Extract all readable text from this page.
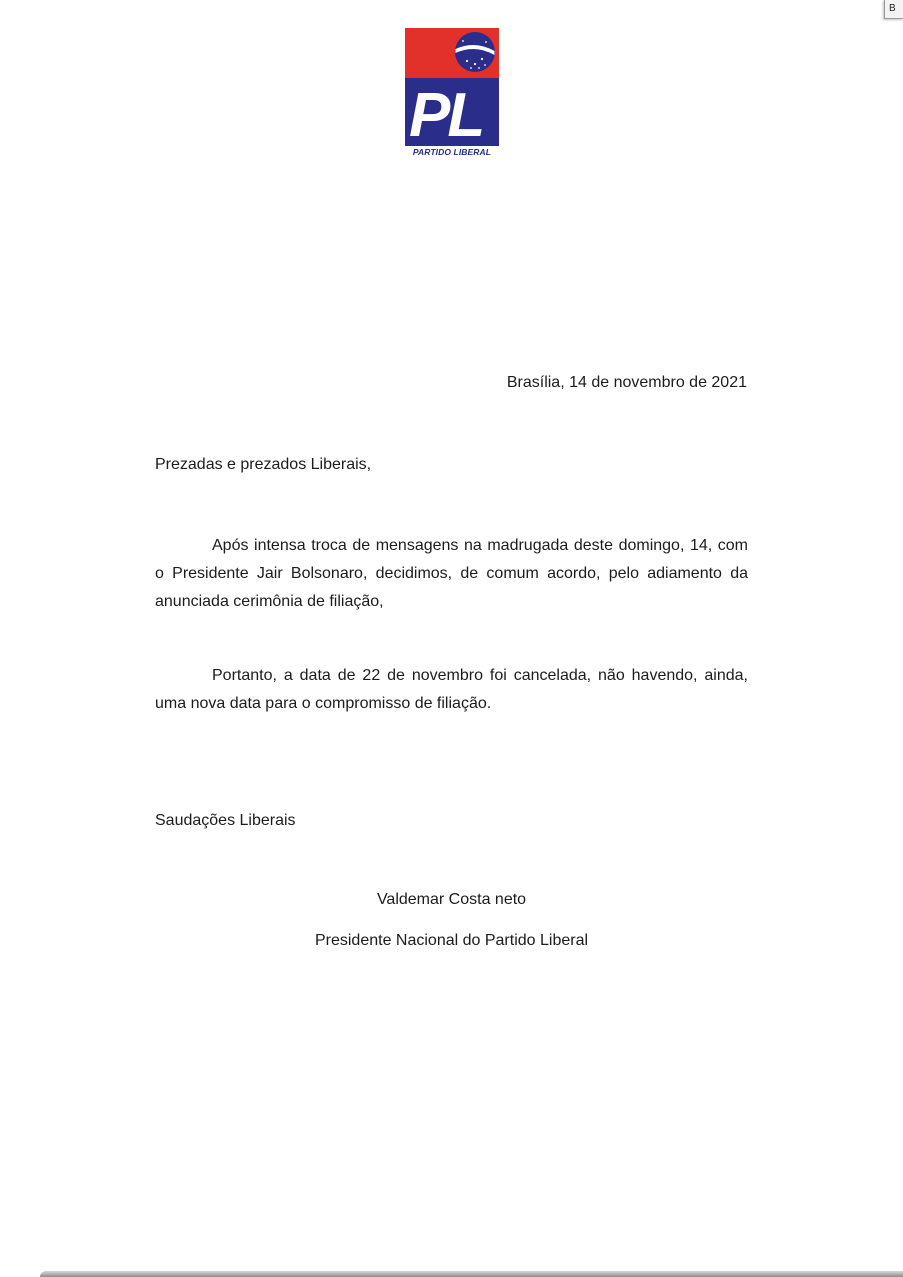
B
PL
PARTIDO LIBERAL

Brasília, 14 de novembro de 2021

Prezadas e prezados Liberais,

Após intensa troca de mensagens na madrugada deste domingo, 14, com o Presidente Jair Bolsonaro, decidimos, de comum acordo, pelo adiamento da anunciada cerimônia de filiação,

Portanto, a data de 22 de novembro foi cancelada, não havendo, ainda, uma nova data para o compromisso de filiação.

Saudações Liberais

Valdemar Costa neto

Presidente Nacional do Partido Liberal
